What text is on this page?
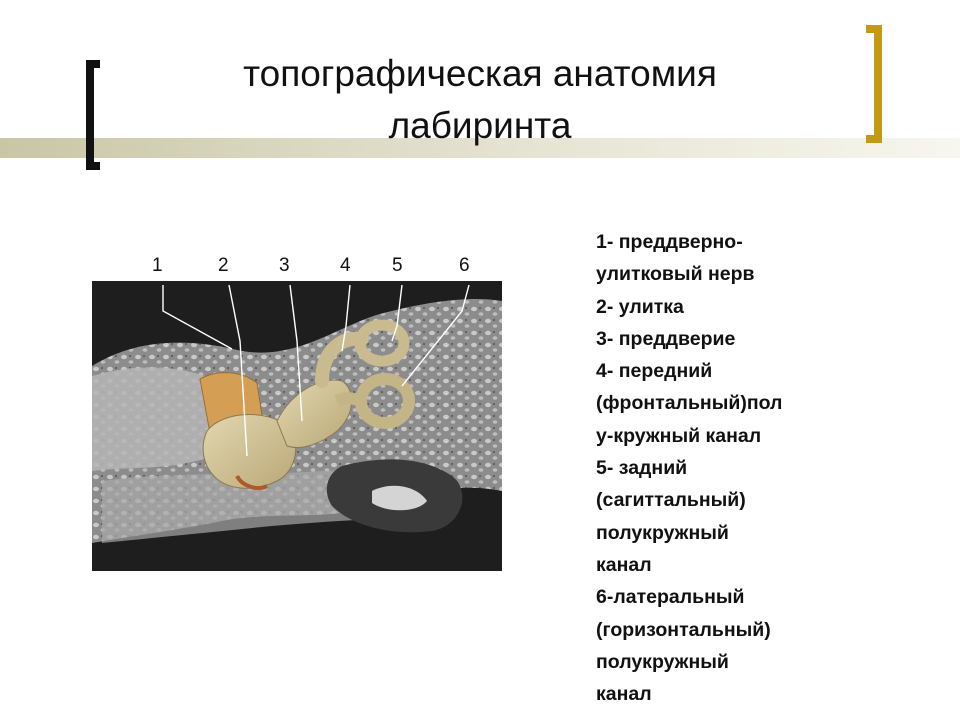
топографическая анатомия
лабиринта
1	2	3	4 5	6
1- преддверно-
улитковый нерв
2- улитка
3- преддверие
4- передний
(фронтальный)пол
у-кружный канал
5- задний
(сагиттальный)
полукружный
канал
6-латеральный
(горизонтальный)
полукружный
канал
